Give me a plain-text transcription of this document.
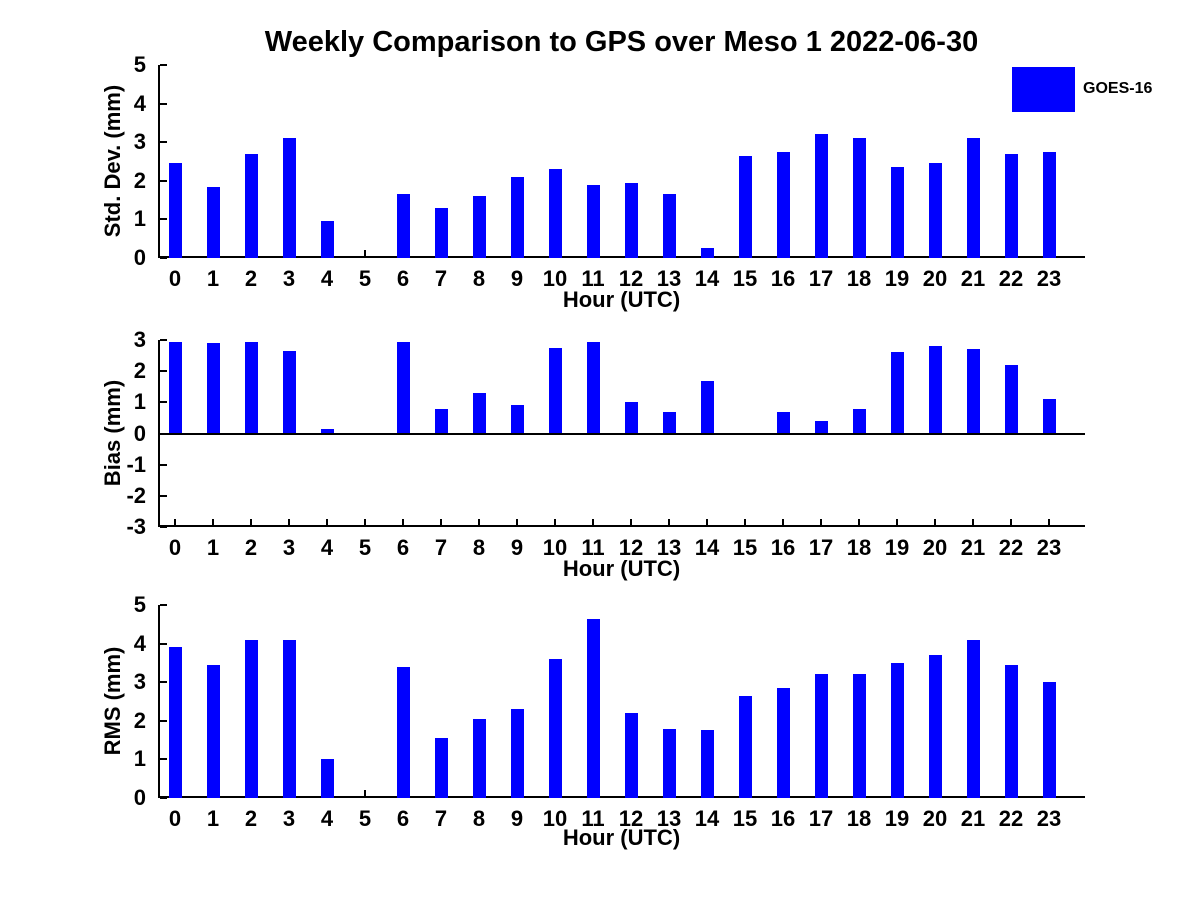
Weekly Comparison to GPS over Meso 1 2022-06-30
GOES-16
Std. Dev. (mm)
0
1
2
3
4
5
0	1	2	3	4	5	6	7	8	9 10 11 12 13 14 15 16 17 18 19 20 21 22 23
Hour (UTC)
Bias (mm)
-3
-2
-1
0
1
2
3
0	1	2	3	4	5	6	7	8	9 10 11 12 13 14 15 16 17 18 19 20 21 22 23
Hour (UTC)
RMS (mm)
0
1
2
3
4
5
0	1	2	3	4	5	6	7	8	9 10 11 12 13 14 15 16 17 18 19 20 21 22 23
Hour (UTC)
